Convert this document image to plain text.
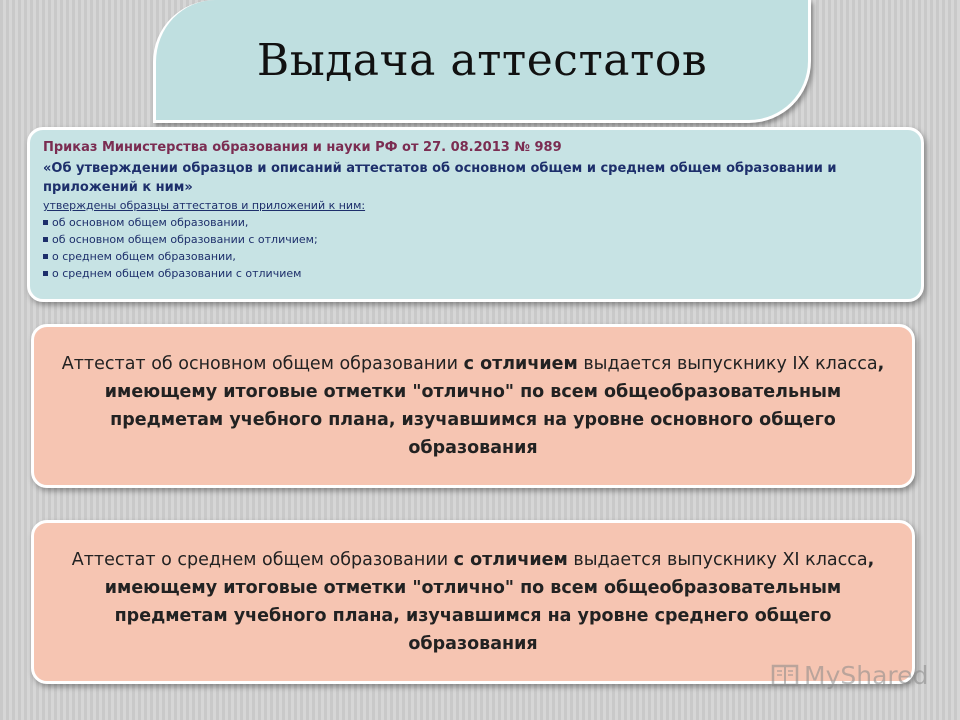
Выдача аттестатов
Приказ Министерства образования и науки РФ от 27. 08.2013 № 989
«Об утверждении образцов и описаний аттестатов об основном общем и среднем общем образовании и приложений к ним»
утверждены образцы аттестатов и приложений к ним:
об основном общем образовании,
об основном общем образовании с отличием;
о среднем общем образовании,
о среднем общем образовании с отличием
Аттестат об основном общем образовании с отличием выдается выпускнику IX класса, имеющему итоговые отметки "отлично" по всем общеобразовательным предметам учебного плана, изучавшимся на уровне основного общего образования
Аттестат о среднем общем образовании с отличием выдается выпускнику XI класса, имеющему итоговые отметки "отлично" по всем общеобразовательным предметам учебного плана, изучавшимся на уровне среднего общего образования
MyShared
